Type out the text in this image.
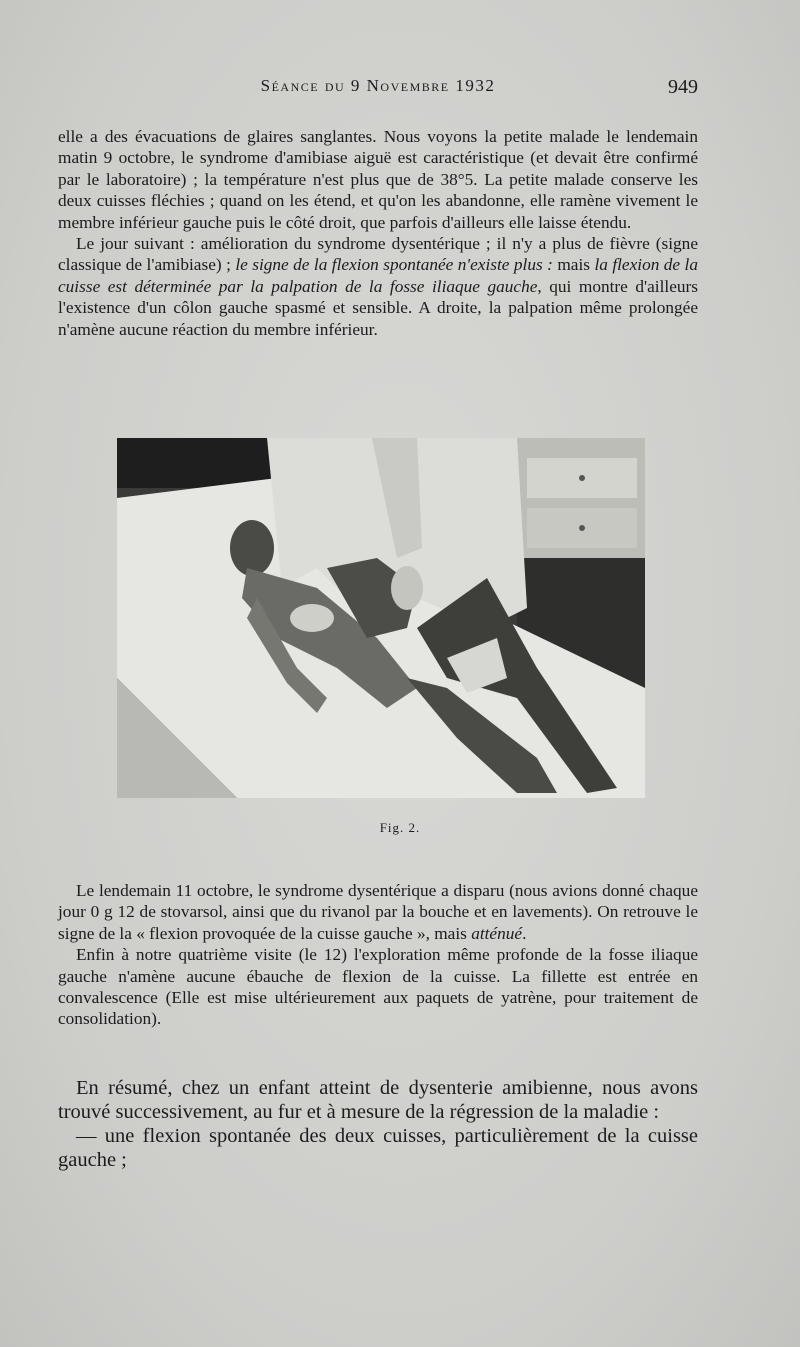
Séance du 9 Novembre 1932	949

elle a des évacuations de glaires sanglantes. Nous voyons la petite malade le lendemain matin 9 octobre, le syndrome d'amibiase aiguë est caractéristique (et devait être confirmé par le laboratoire) ; la température n'est plus que de 38°5. La petite malade conserve les deux cuisses fléchies ; quand on les étend, et qu'on les abandonne, elle ramène vivement le membre inférieur gauche puis le côté droit, que parfois d'ailleurs elle laisse étendu.

Le jour suivant : amélioration du syndrome dysentérique ; il n'y a plus de fièvre (signe classique de l'amibiase) ; le signe de la flexion spontanée n'existe plus : mais la flexion de la cuisse est déterminée par la palpation de la fosse iliaque gauche, qui montre d'ailleurs l'existence d'un côlon gauche spasmé et sensible. A droite, la palpation même prolongée n'amène aucune réaction du membre inférieur.

Fig. 2.

Le lendemain 11 octobre, le syndrome dysentérique a disparu (nous avions donné chaque jour 0 g 12 de stovarsol, ainsi que du rivanol par la bouche et en lavements). On retrouve le signe de la « flexion provoquée de la cuisse gauche », mais atténué.

Enfin à notre quatrième visite (le 12) l'exploration même profonde de la fosse iliaque gauche n'amène aucune ébauche de flexion de la cuisse. La fillette est entrée en convalescence (Elle est mise ultérieurement aux paquets de yatrène, pour traitement de consolidation).

En résumé, chez un enfant atteint de dysenterie amibienne, nous avons trouvé successivement, au fur et à mesure de la régression de la maladie :

— une flexion spontanée des deux cuisses, particulièrement de la cuisse gauche ;
